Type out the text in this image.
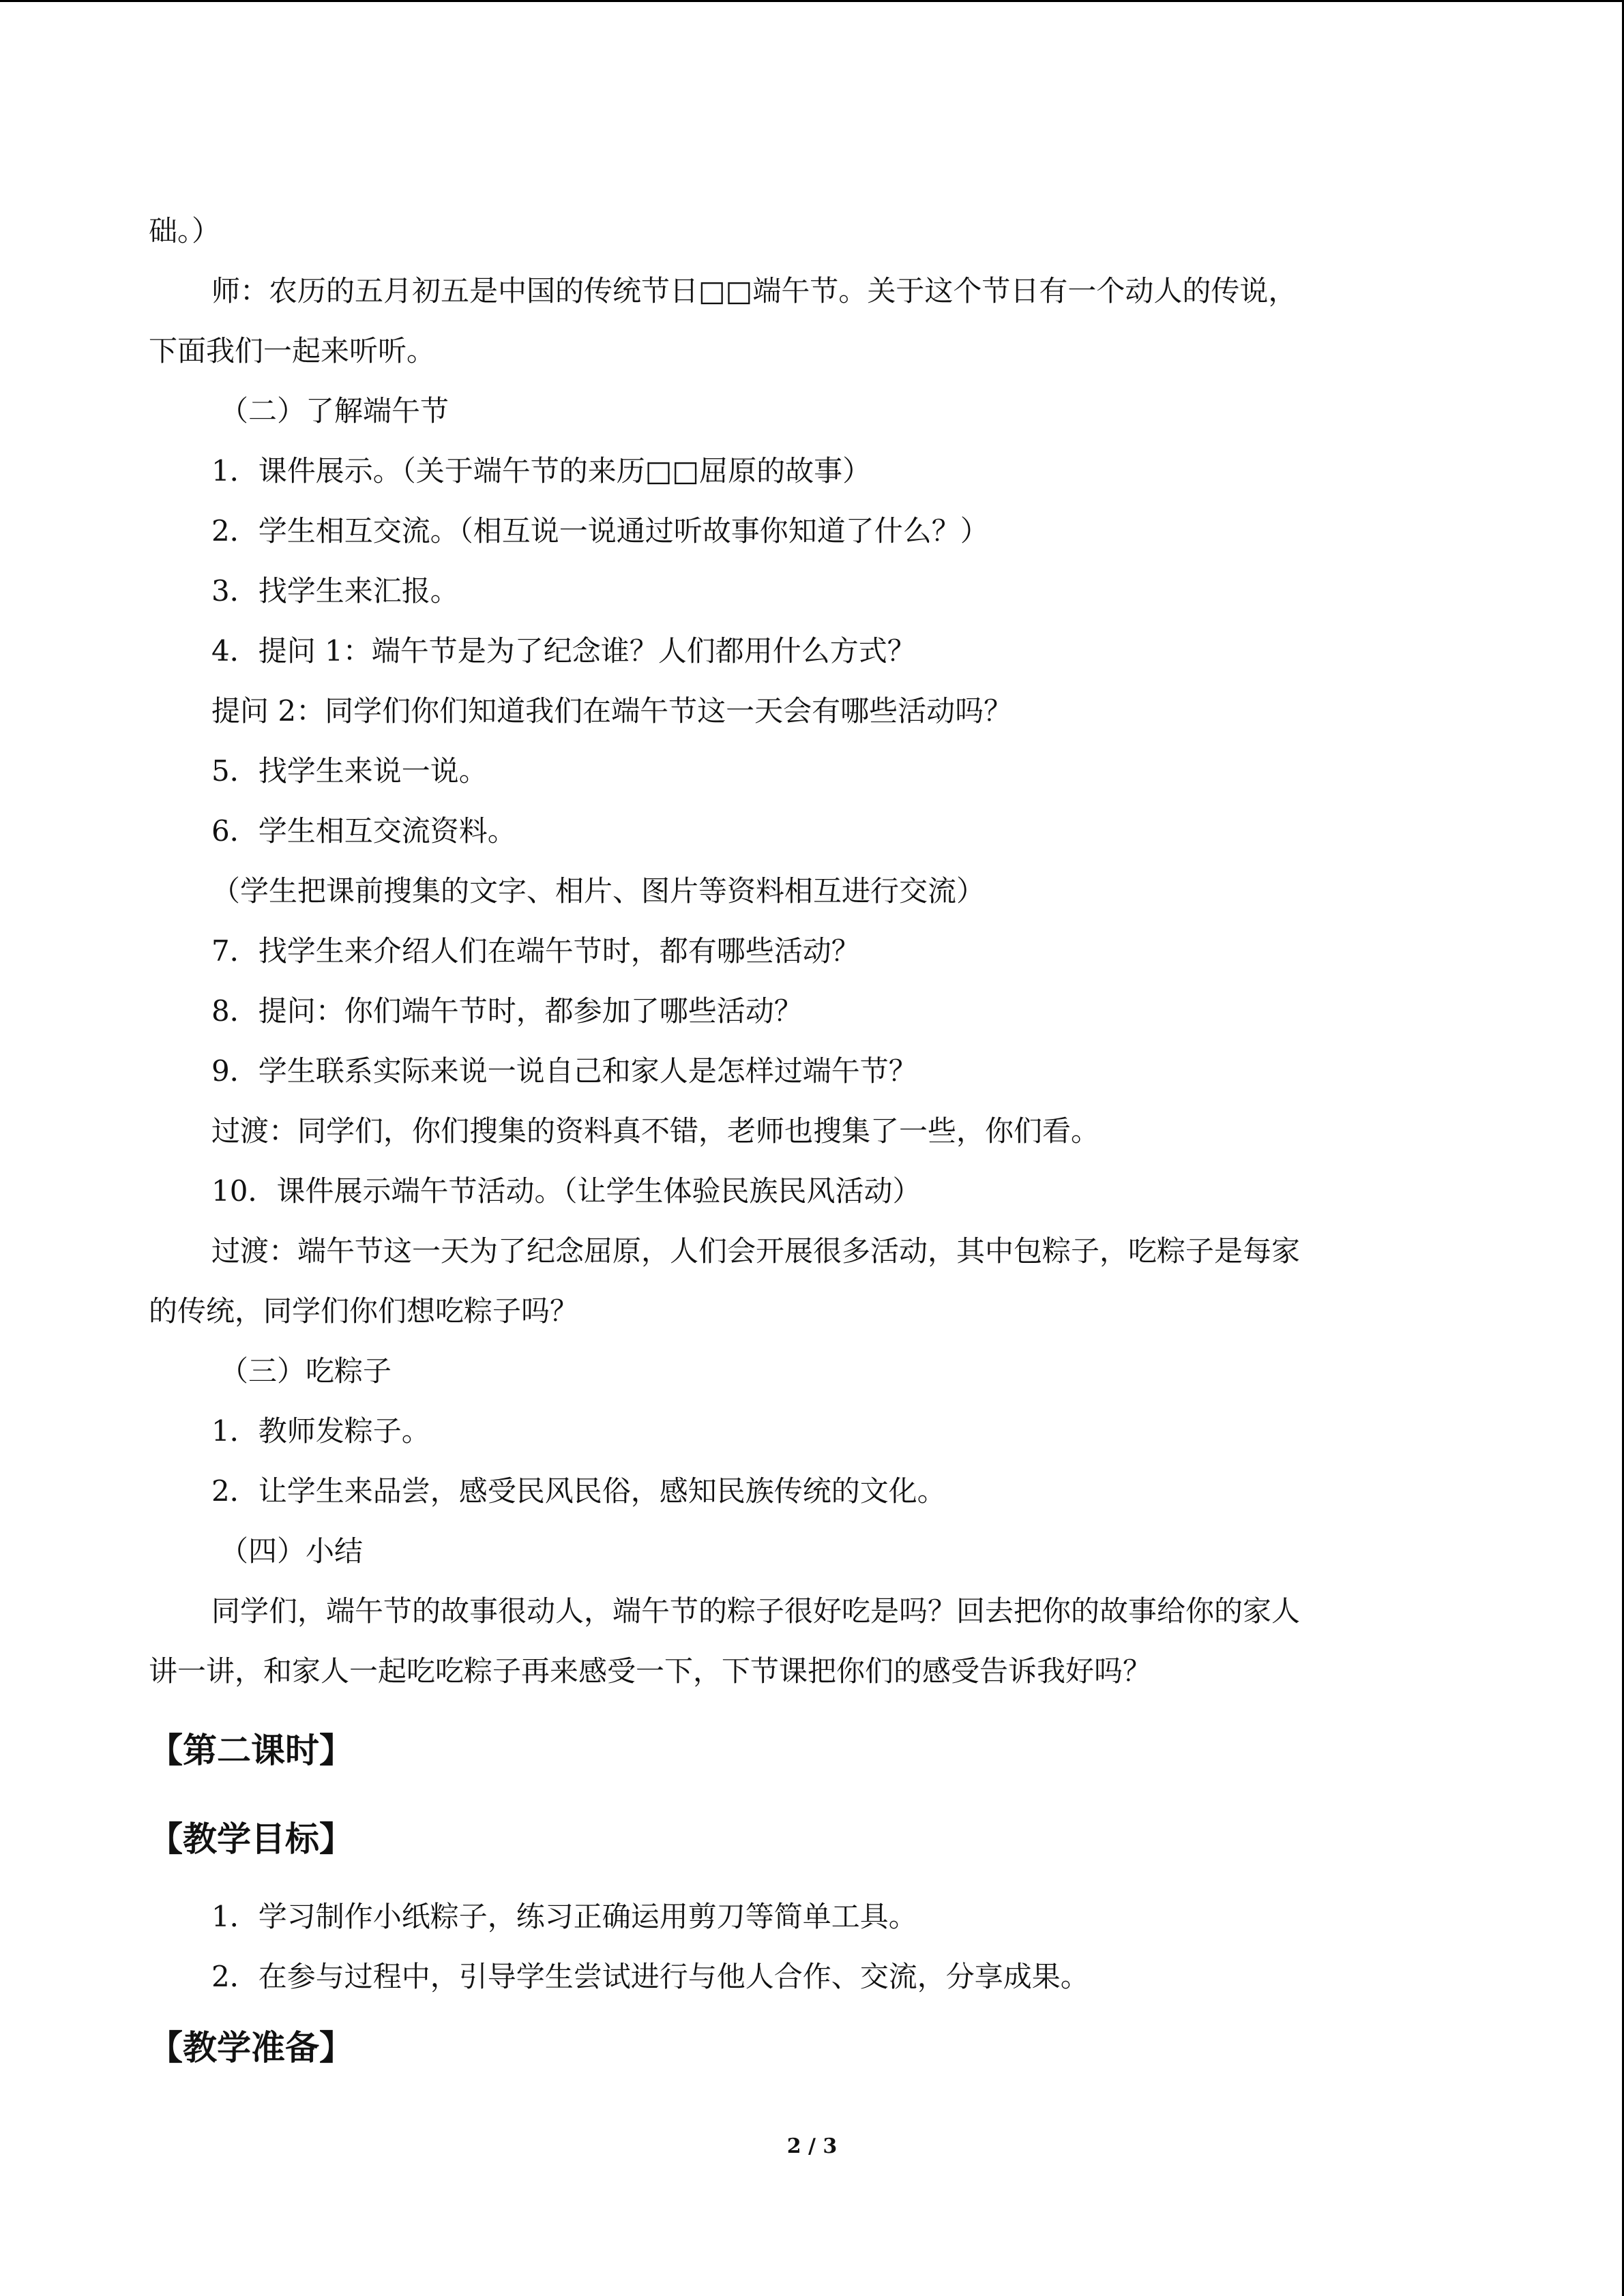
础。）
师：农历的五月初五是中国的传统节日□□端午节。关于这个节日有一个动人的传说，
下面我们一起来听听。
（二）了解端午节
1．课件展示。（关于端午节的来历□□屈原的故事）
2．学生相互交流。（相互说一说通过听故事你知道了什么？）
3．找学生来汇报。
4．提问 1：端午节是为了纪念谁？人们都用什么方式？
提问 2：同学们你们知道我们在端午节这一天会有哪些活动吗？
5．找学生来说一说。
6．学生相互交流资料。
（学生把课前搜集的文字、相片、图片等资料相互进行交流）
7．找学生来介绍人们在端午节时，都有哪些活动？
8．提问：你们端午节时，都参加了哪些活动？
9．学生联系实际来说一说自己和家人是怎样过端午节？
过渡：同学们，你们搜集的资料真不错，老师也搜集了一些，你们看。
10．课件展示端午节活动。（让学生体验民族民风活动）
过渡：端午节这一天为了纪念屈原，人们会开展很多活动，其中包粽子，吃粽子是每家
的传统，同学们你们想吃粽子吗？
（三）吃粽子
1．教师发粽子。
2．让学生来品尝，感受民风民俗，感知民族传统的文化。
（四）小结
同学们，端午节的故事很动人，端午节的粽子很好吃是吗？回去把你的故事给你的家人
讲一讲，和家人一起吃吃粽子再来感受一下，下节课把你们的感受告诉我好吗？
【第二课时】
【教学目标】
1．学习制作小纸粽子，练习正确运用剪刀等简单工具。
2．在参与过程中，引导学生尝试进行与他人合作、交流，分享成果。
【教学准备】
2 / 3
